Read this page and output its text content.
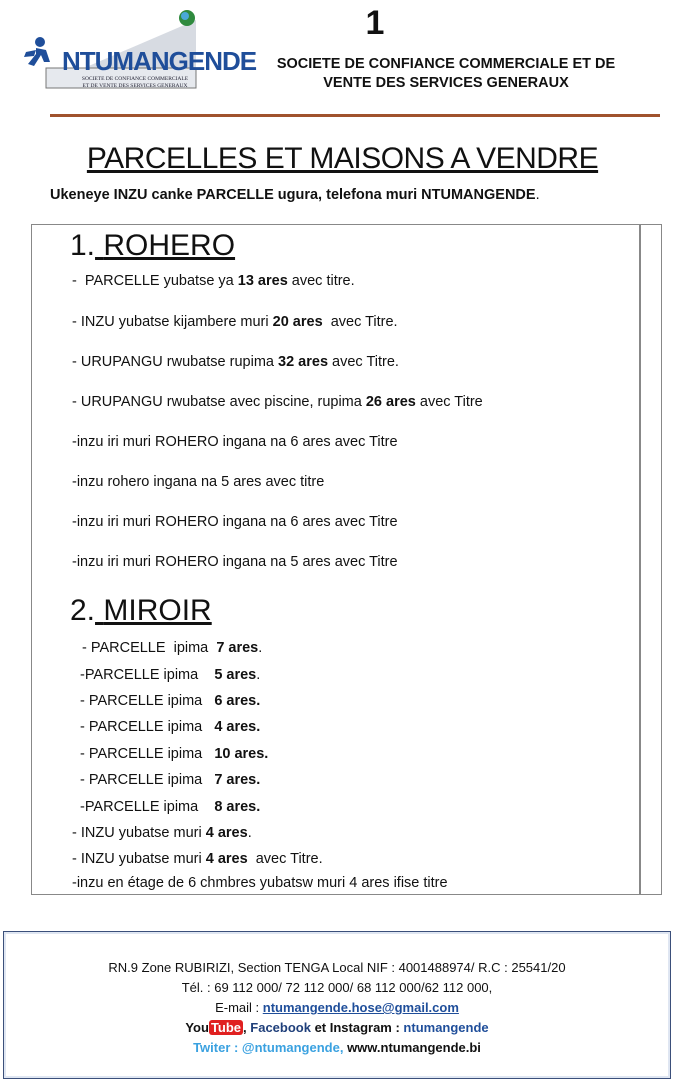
NTUMANGENDE
SOCIETE DE CONFIANCE COMMERCIALE
ET DE VENTE DES SERVICES GENERAUX
1
SOCIETE DE CONFIANCE COMMERCIALE ET DE
VENTE DES SERVICES GENERAUX
PARCELLES ET MAISONS A VENDRE
Ukeneye INZU canke PARCELLE ugura, telefona muri NTUMANGENDE.
1. ROHERO
-  PARCELLE yubatse ya 13 ares avec titre.
- INZU yubatse kijambere muri 20 ares  avec Titre.
- URUPANGU rwubatse rupima 32 ares avec Titre.
- URUPANGU rwubatse avec piscine, rupima 26 ares avec Titre
-inzu iri muri ROHERO ingana na 6 ares avec Titre
-inzu rohero ingana na 5 ares avec titre
-inzu iri muri ROHERO ingana na 6 ares avec Titre
-inzu iri muri ROHERO ingana na 5 ares avec Titre
2. MIROIR
- PARCELLE  ipima  7 ares.
-PARCELLE ipima    5 ares.
- PARCELLE ipima   6 ares.
- PARCELLE ipima   4 ares.
- PARCELLE ipima   10 ares.
- PARCELLE ipima   7 ares.
-PARCELLE ipima    8 ares.
- INZU yubatse muri 4 ares.
- INZU yubatse muri 4 ares  avec Titre.
-inzu en étage de 6 chmbres yubatsw muri 4 ares ifise titre
RN.9 Zone RUBIRIZI, Section TENGA Local NIF : 4001488974/ R.C : 25541/20
Tél. : 69 112 000/ 72 112 000/ 68 112 000/62 112 000,
E-mail : ntumangende.hose@gmail.com
You Tube , Facebook et Instagram : ntumangende
Twiter : @ntumangende, www.ntumangende.bi
